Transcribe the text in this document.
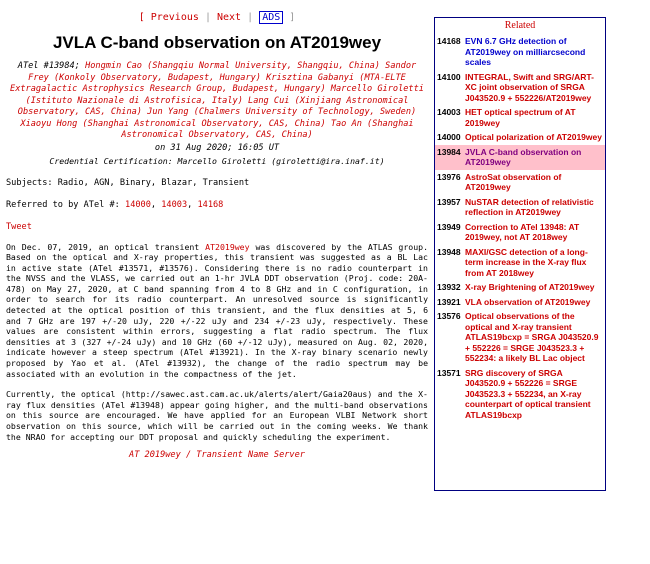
[ Previous | Next | ADS ]
JVLA C-band observation on AT2019wey
ATel #13984; Hongmin Cao (Shangqiu Normal University, Shangqiu, China) Sandor Frey (Konkoly Observatory, Budapest, Hungary) Krisztina Gabanyi (MTA-ELTE Extragalactic Astrophysics Research Group, Budapest, Hungary) Marcello Giroletti (Istituto Nazionale di Astrofisica, Italy) Lang Cui (Xinjiang Astronomical Observatory, CAS, China) Jun Yang (Chalmers University of Technology, Sweden) Xiaoyu Hong (Shanghai Astronomical Observatory, CAS, China) Tao An (Shanghai Astronomical Observatory, CAS, China)
on 31 Aug 2020; 16:05 UT
Credential Certification: Marcello Giroletti (giroletti@ira.inaf.it)
Subjects: Radio, AGN, Binary, Blazar, Transient
Referred to by ATel #: 14000, 14003, 14168
Tweet

On Dec. 07, 2019, an optical transient AT2019wey was discovered by the ATLAS group. Based on the optical and X-ray properties, this transient was suggested as a BL Lac in active state (ATel #13571, #13576). Considering there is no radio counterpart in the NVSS and the VLASS, we carried out an 1-hr JVLA DDT observation (Proj. code: 20A-478) on May 27, 2020, at C band spanning from 4 to 8 GHz and in C configuration, in order to search for its radio counterpart. An unresolved source is significantly detected at the optical position of this transient, and the flux densities at 5, 6 and 7 GHz are 197 +/-20 uJy, 220 +/-22 uJy and 234 +/-23 uJy, respectively. These values are consistent within errors, suggesting a flat radio spectrum. The flux densities at 3 (327 +/-24 uJy) and 10 GHz (60 +/-12 uJy), measured on Aug. 02, 2020, indicate however a steep spectrum (ATel #13921). In the X-ray binary scenario newly proposed by Yao et al. (ATel #13932), the change of the radio spectrum may be associated with an evolution in the compactness of the jet.

Currently, the optical (http://sawec.ast.cam.ac.uk/alerts/alert/Gaia20aus) and the X-ray flux densities (ATel #13948) appear going higher, and the multi-band observations on this source are encouraged. We have applied for an European VLBI Network short observation on this source, which will be carried out in the coming weeks. We thank the NRAO for accepting our DDT proposal and quickly scheduling the experiment.

AT 2019wey / Transient Name Server
Related
14168 EVN 6.7 GHz detection of AT2019wey on milliarcsecond scales
14100 INTEGRAL, Swift and SRG/ART-XC joint observation of SRGA J043520.9 + 552226/AT2019wey
14003 HET optical spectrum of AT 2019wey
14000 Optical polarization of AT2019wey
13984 JVLA C-band observation on AT2019wey
13976 AstroSat observation of AT2019wey
13957 NuSTAR detection of relativistic reflection in AT2019wey
13949 Correction to ATel 13948: AT 2019wey, not AT 2018wey
13948 MAXI/GSC detection of a long-term increase in the X-ray flux from AT 2018wey
13932 X-ray Brightening of AT2019wey
13921 VLA observation of AT2019wey
13576 Optical observations of the optical and X-ray transient ATLAS19bcxp = SRGA J043520.9 + 552226 = SRGE J043523.3 + 552234: a likely BL Lac object
13571 SRG discovery of SRGA J043520.9 + 552226 = SRGE J043523.3 + 552234, an X-ray counterpart of optical transient ATLAS19bcxp
